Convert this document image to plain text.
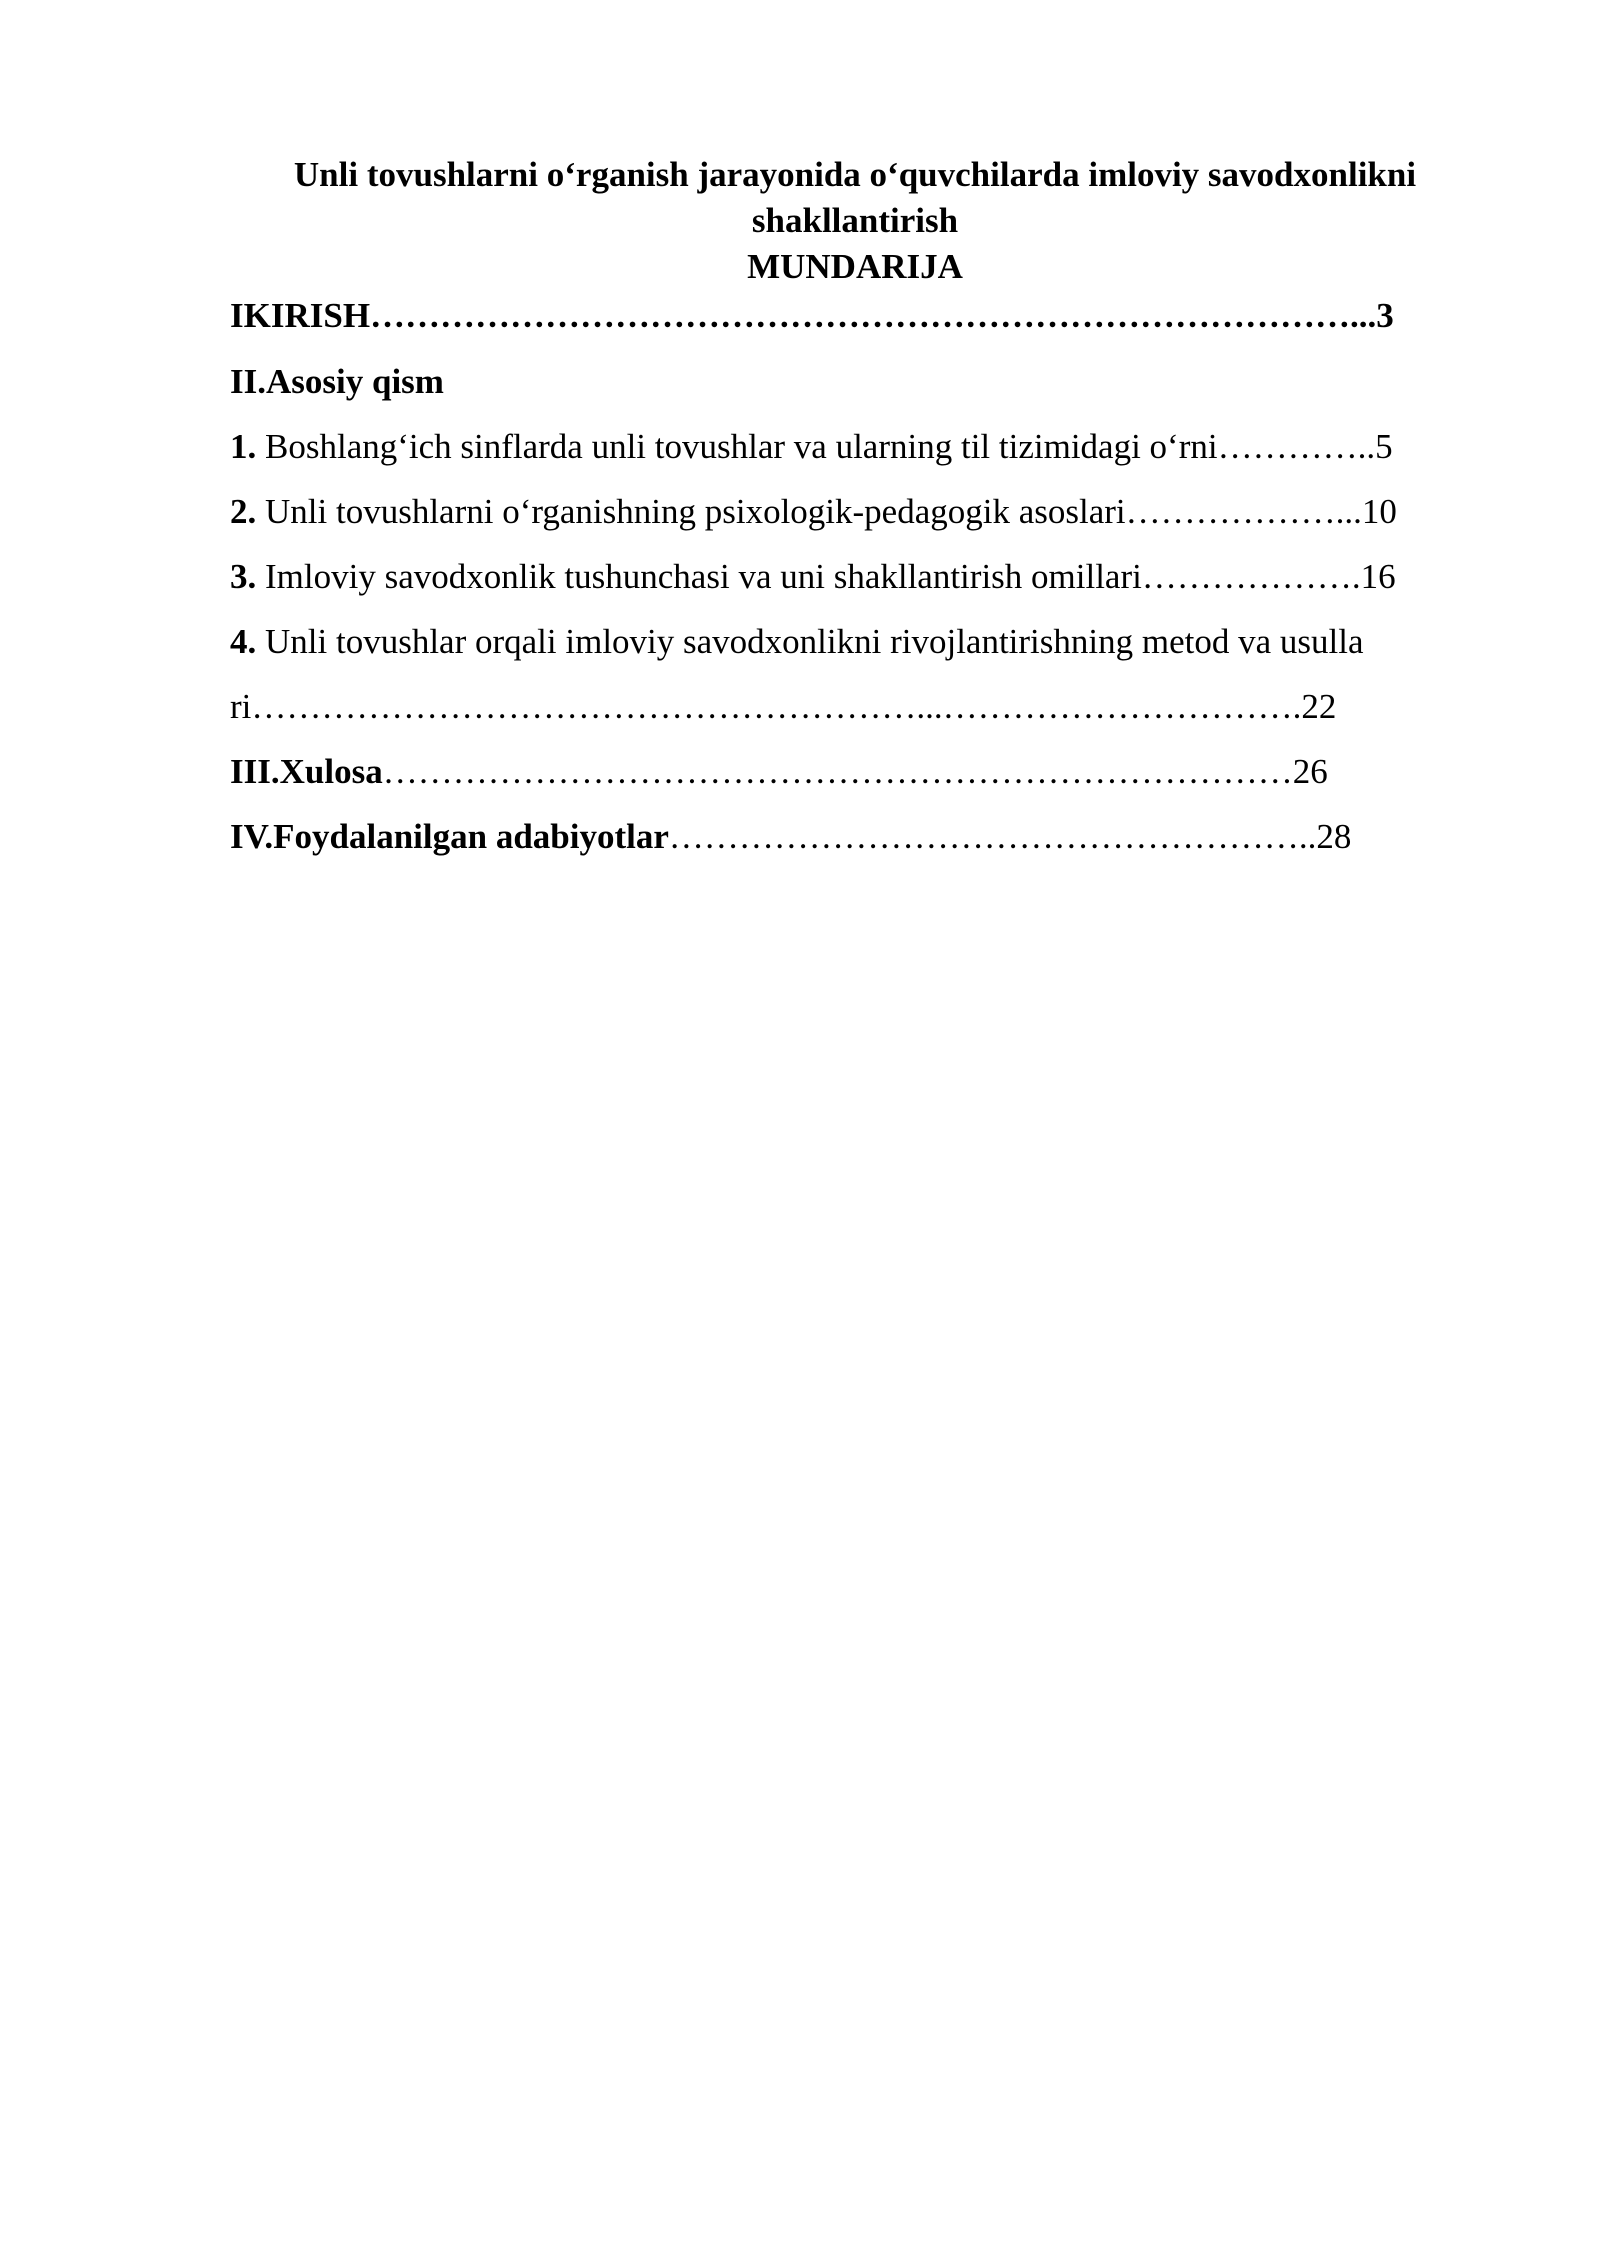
Unli tovushlarni o‘rganish jarayonida o‘quvchilarda imloviy savodxonlikni
shakllantirish
MUNDARIJA
IKIRISH…………………………………………………………………………...3
II.Asosiy qism
1. Boshlang‘ich sinflarda unli tovushlar va ularning til tizimidagi o‘rni…………..5
2. Unli tovushlarni o‘rganishning psixologik-pedagogik asoslari………………...10
3. Imloviy savodxonlik tushunchasi va uni shakllantirish omillari……………….16
4. Unli tovushlar orqali imloviy savodxonlikni rivojlantirishning metod va usulla
ri…………………………………………………...………………………….22
III.Xulosa……………………………………………………………………26
IV.Foydalanilgan adabiyotlar………………………………………………..28
